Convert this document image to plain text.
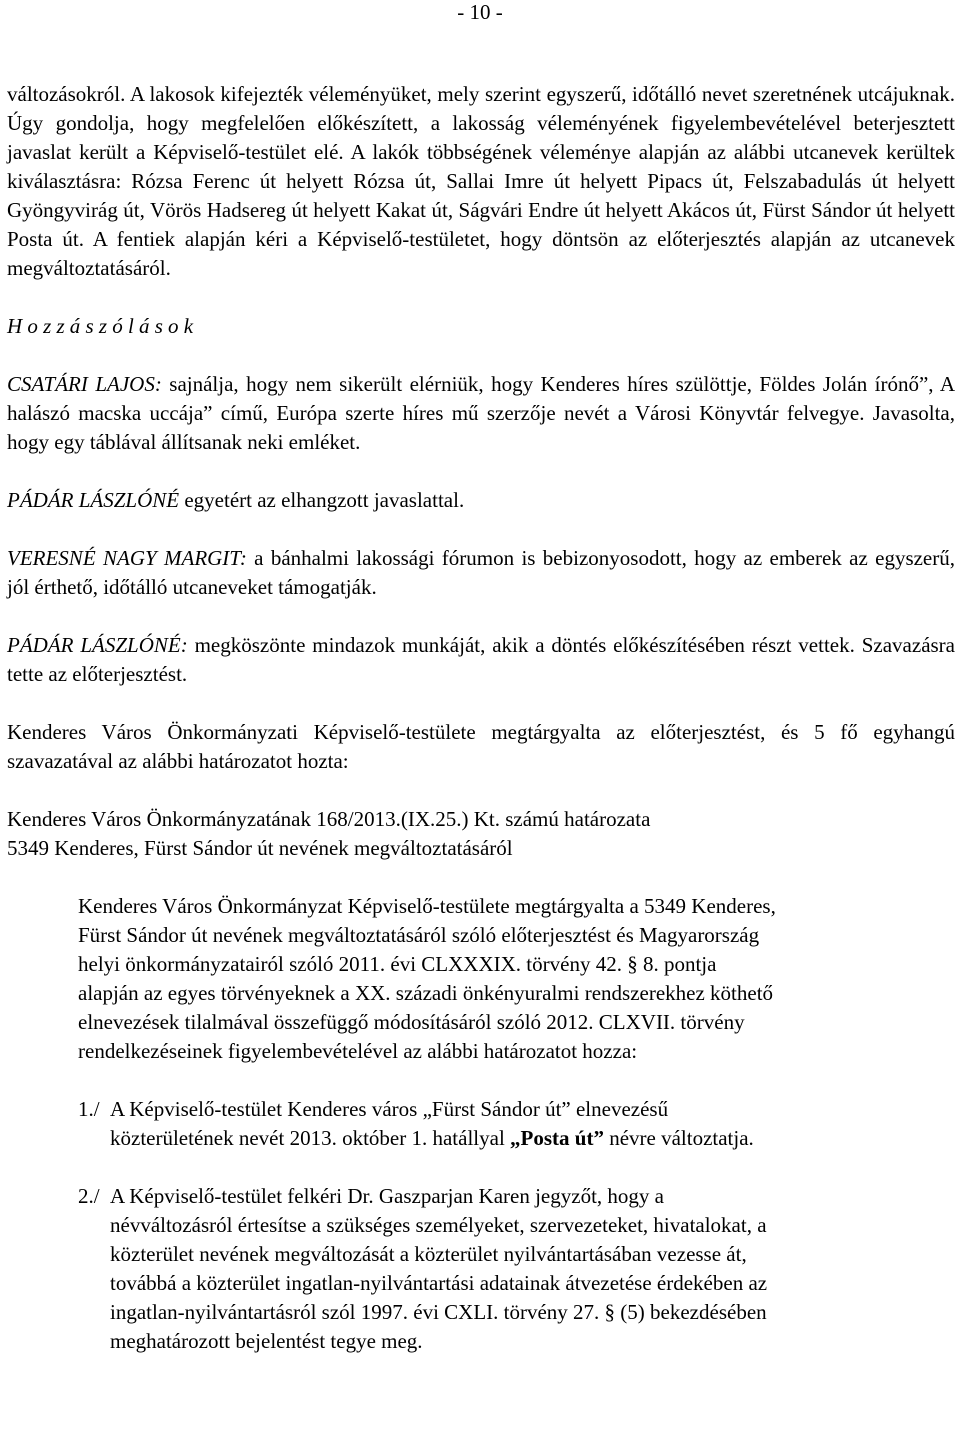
- 10 -

változásokról. A lakosok kifejezték véleményüket, mely szerint egyszerű, időtálló nevet szeretnének utcájuknak. Úgy gondolja, hogy megfelelően előkészített, a lakosság véleményének figyelembevételével beterjesztett javaslat került a Képviselő-testület elé. A lakók többségének véleménye alapján az alábbi utcanevek kerültek kiválasztásra: Rózsa Ferenc út helyett Rózsa út, Sallai Imre út helyett Pipacs út, Felszabadulás út helyett Gyöngyvirág út, Vörös Hadsereg út helyett Kakat út, Ságvári Endre út helyett Akácos út, Fürst Sándor út helyett Posta út. A fentiek alapján kéri a Képviselő-testületet, hogy döntsön az előterjesztés alapján az utcanevek megváltoztatásáról.

Hozzászólások

CSATÁRI LAJOS: sajnálja, hogy nem sikerült elérniük, hogy Kenderes híres szülöttje, Földes Jolán írónő”, A halászó macska uccája” című, Európa szerte híres mű szerzője nevét a Városi Könyvtár felvegye. Javasolta, hogy egy táblával állítsanak neki emléket.

PÁDÁR LÁSZLÓNÉ egyetért az elhangzott javaslattal.

VERESNÉ NAGY MARGIT: a bánhalmi lakossági fórumon is bebizonyosodott, hogy az emberek az egyszerű, jól érthető, időtálló utcaneveket támogatják.

PÁDÁR LÁSZLÓNÉ: megköszönte mindazok munkáját, akik a döntés előkészítésében részt vettek. Szavazásra tette az előterjesztést.

Kenderes Város Önkormányzati Képviselő-testülete megtárgyalta az előterjesztést, és 5 fő egyhangú szavazatával az alábbi határozatot hozta:

Kenderes Város Önkormányzatának 168/2013.(IX.25.) Kt. számú határozata

5349 Kenderes, Fürst Sándor út nevének megváltoztatásáról

Kenderes Város Önkormányzat Képviselő-testülete megtárgyalta a 5349 Kenderes, Fürst Sándor út nevének megváltoztatásáról szóló előterjesztést és Magyarország helyi önkormányzatairól szóló 2011. évi CLXXXIX. törvény 42. § 8. pontja alapján az egyes törvényeknek a XX. századi önkényuralmi rendszerekhez köthető elnevezések tilalmával összefüggő módosításáról szóló 2012. CLXVII. törvény rendelkezéseinek figyelembevételével az alábbi határozatot hozza:

1./ A Képviselő-testület Kenderes város „Fürst Sándor út” elnevezésű közterületének nevét 2013. október 1. hatállyal „Posta út” névre változtatja.

2./ A Képviselő-testület felkéri Dr. Gaszparjan Karen jegyzőt, hogy a névváltozásról értesítse a szükséges személyeket, szervezeteket, hivatalokat, a közterület nevének megváltozását a közterület nyilvántartásában vezesse át, továbbá a közterület ingatlan-nyilvántartási adatainak átvezetése érdekében az ingatlan-nyilvántartásról szól 1997. évi CXLI. törvény 27. § (5) bekezdésében meghatározott bejelentést tegye meg.
